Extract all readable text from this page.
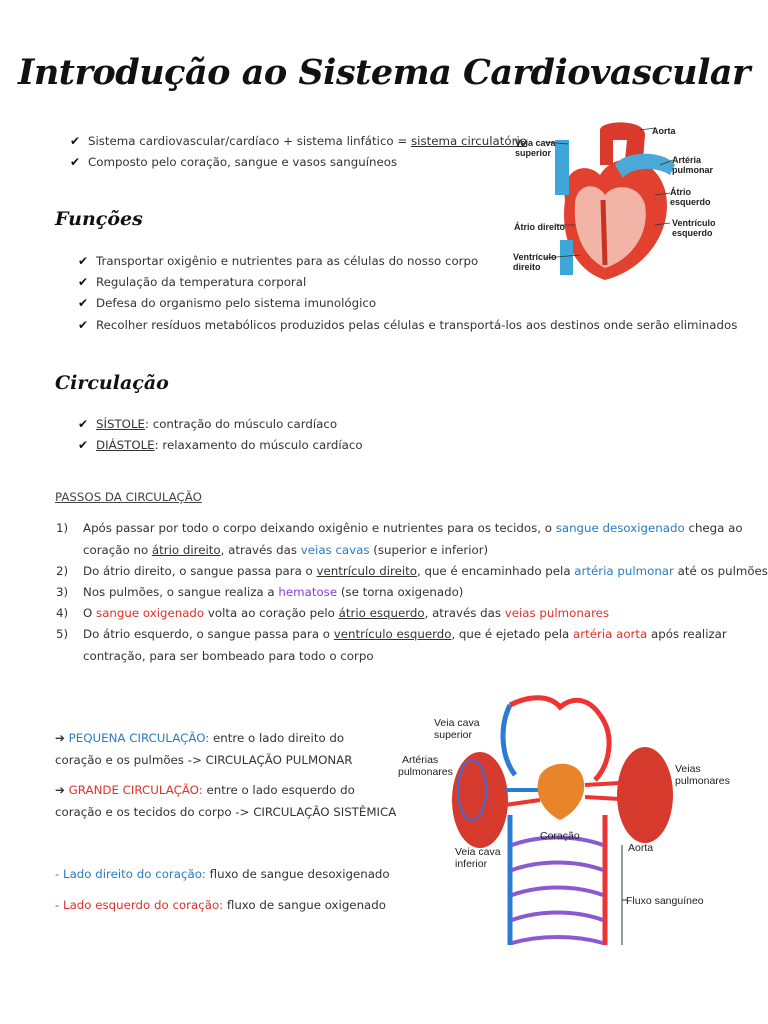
Introdução ao Sistema Cardiovascular
✔ Sistema cardiovascular/cardíaco + sistema linfático = sistema circulatório
✔ Composto pelo coração, sangue e vasos sanguíneos
Aorta
Veia cava
superior
Artéria
pulmonar
Átrio
esquerdo
Átrio direito	Ventrículo
esquerdo
Ventrículo
direito
Funções
✔ Transportar oxigênio e nutrientes para as células do nosso corpo
✔ Regulação da temperatura corporal
✔ Defesa do organismo pelo sistema imunológico
✔ Recolher resíduos metabólicos produzidos pelas células e transportá-los aos destinos onde serão eliminados
Circulação
✔ SÍSTOLE: contração do músculo cardíaco
✔ DIÁSTOLE: relaxamento do músculo cardíaco
PASSOS DA CIRCULAÇÃO
1) Após passar por todo o corpo deixando oxigênio e nutrientes para os tecidos, o sangue desoxigenado chega ao
coração no átrio direito, através das veias cavas (superior e inferior)
2) Do átrio direito, o sangue passa para o ventrículo direito, que é encaminhado pela artéria pulmonar até os pulmões
3) Nos pulmões, o sangue realiza a hematose (se torna oxigenado)
4) O sangue oxigenado volta ao coração pelo átrio esquerdo, através das veias pulmonares
5) Do átrio esquerdo, o sangue passa para o ventrículo esquerdo, que é ejetado pela artéria aorta após realizar
contração, para ser bombeado para todo o corpo
➔ PEQUENA CIRCULAÇÃO: entre o lado direito do
coração e os pulmões -> CIRCULAÇÃO PULMONAR
➔ GRANDE CIRCULAÇÃO: entre o lado esquerdo do
coração e os tecidos do corpo -> CIRCULAÇÃO SISTÊMICA
- Lado direito do coração: fluxo de sangue desoxigenado
- Lado esquerdo do coração: fluxo de sangue oxigenado
Veia cava
superior
Artérias
pulmonares	Veias
pulmonares
Coração
Aorta
Veia cava
inferior
Fluxo sanguíneo
